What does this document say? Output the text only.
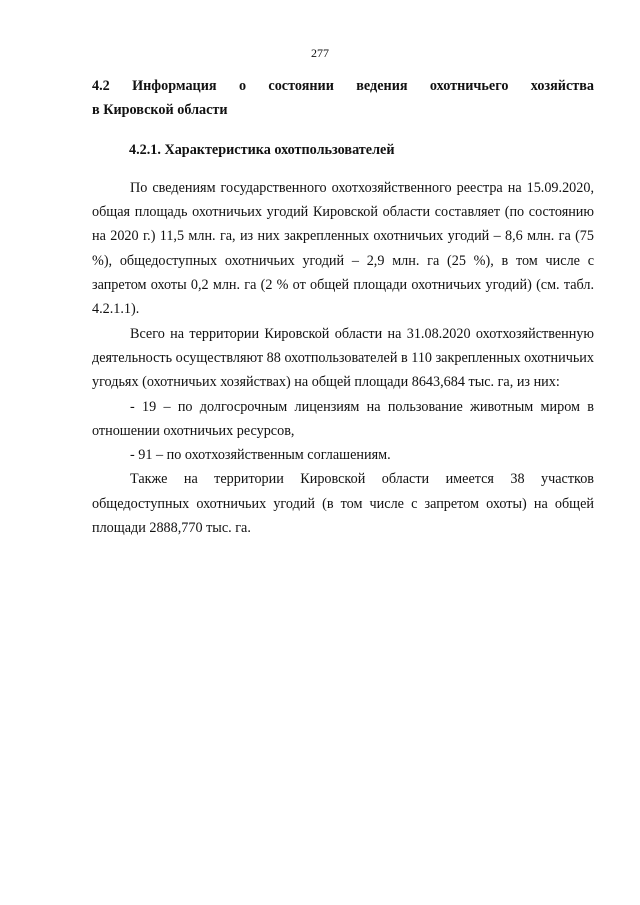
277

4.2 Информация о состоянии ведения охотничьего хозяйства

в Кировской области

4.2.1. Характеристика охотпользователей

По сведениям государственного охотхозяйственного реестра на 15.09.2020, общая площадь охотничьих угодий Кировской области составляет (по состоянию на 2020 г.) 11,5 млн. га, из них закрепленных охотничьих угодий – 8,6 млн. га (75 %), общедоступных охотничьих угодий – 2,9 млн. га (25 %), в том числе с запретом охоты 0,2 млн. га (2 % от общей площади охотничьих угодий) (см. табл. 4.2.1.1).

Всего на территории Кировской области на 31.08.2020 охотхозяйственную деятельность осуществляют 88 охотпользователей в 110 закрепленных охотничьих угодьях (охотничьих хозяйствах) на общей площади 8643,684 тыс. га, из них:

- 19 – по долгосрочным лицензиям на пользование животным миром в отношении охотничьих ресурсов,

- 91 – по охотхозяйственным соглашениям.

Также на территории Кировской области имеется 38 участков общедоступных охотничьих угодий (в том числе с запретом охоты) на общей площади 2888,770 тыс. га.
